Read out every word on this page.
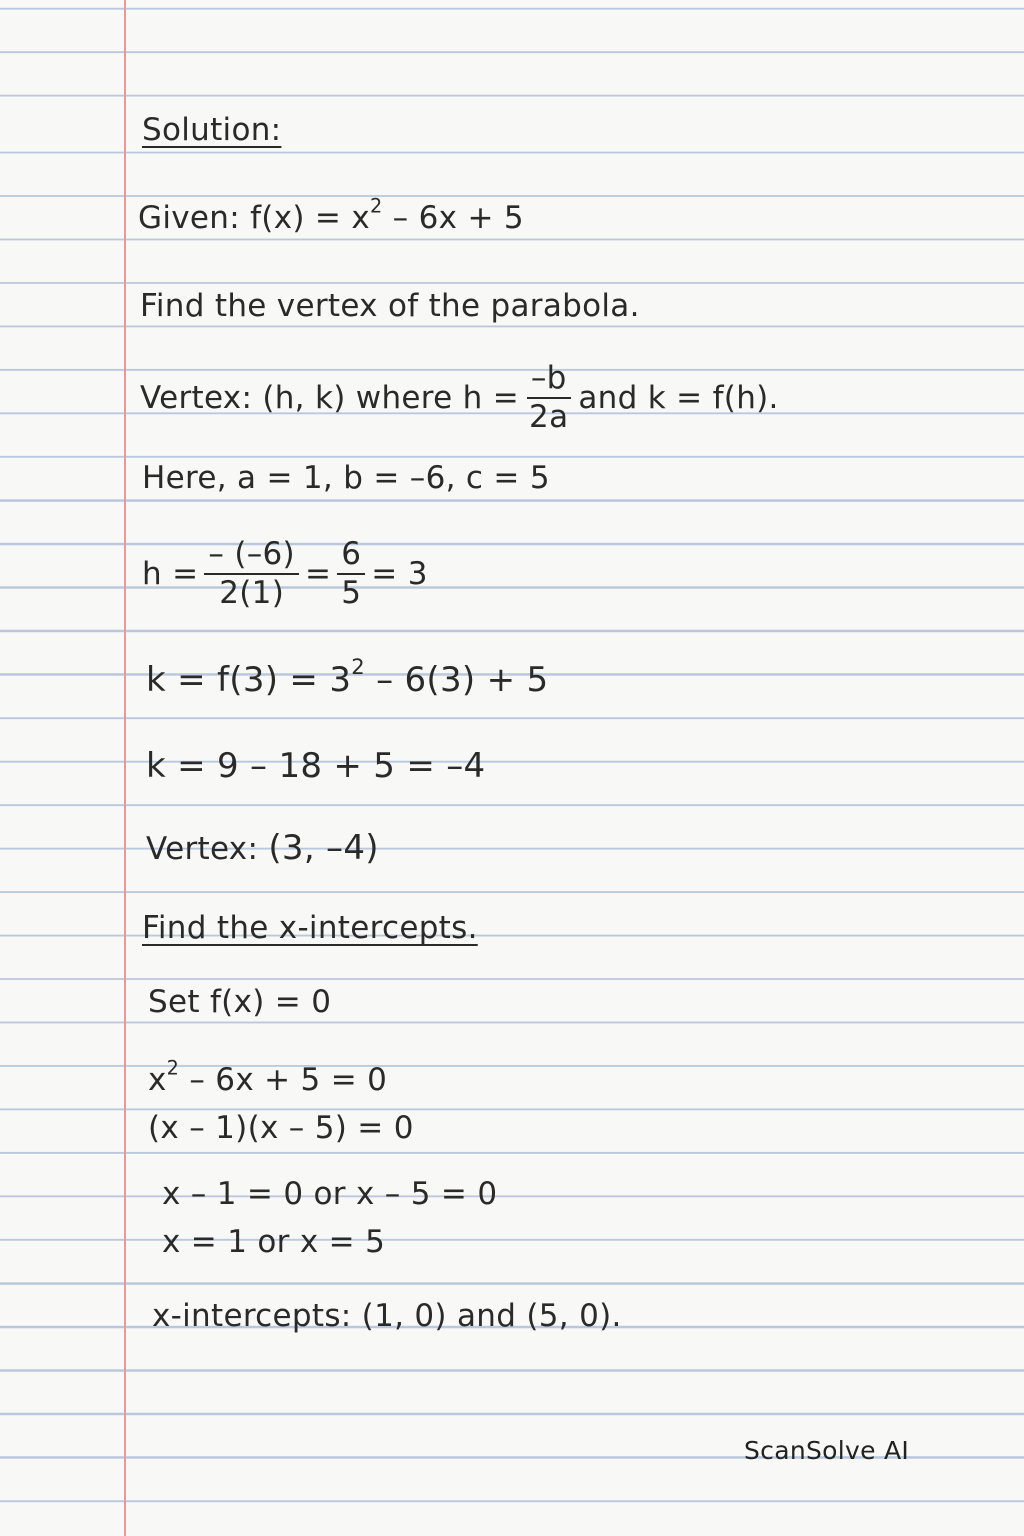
Solution:
Given: $f(x) = x^2 - 6x + 5$
Find the vertex of the parabola.
Vertex: (h, k) where $h = \frac{-b}{2a}$ and k = f(h).
Here, a = 1, b = –6, c = 5
$h = \frac{- (-6)}{2(1)} = \frac{6}{5} = 3$
$k = f(3) = 3^2 - 6(3) + 5$
k = 9 – 18 + 5 = –4
Vertex: (3, –4)
Find the x-intercepts.
Set f(x) = 0
$x^2 - 6x + 5 = 0$
(x – 1)(x – 5) = 0
x – 1 = 0 or x – 5 = 0
x = 1 or x = 5
x-intercepts: (1, 0) and (5, 0).
ScanSolve AI
